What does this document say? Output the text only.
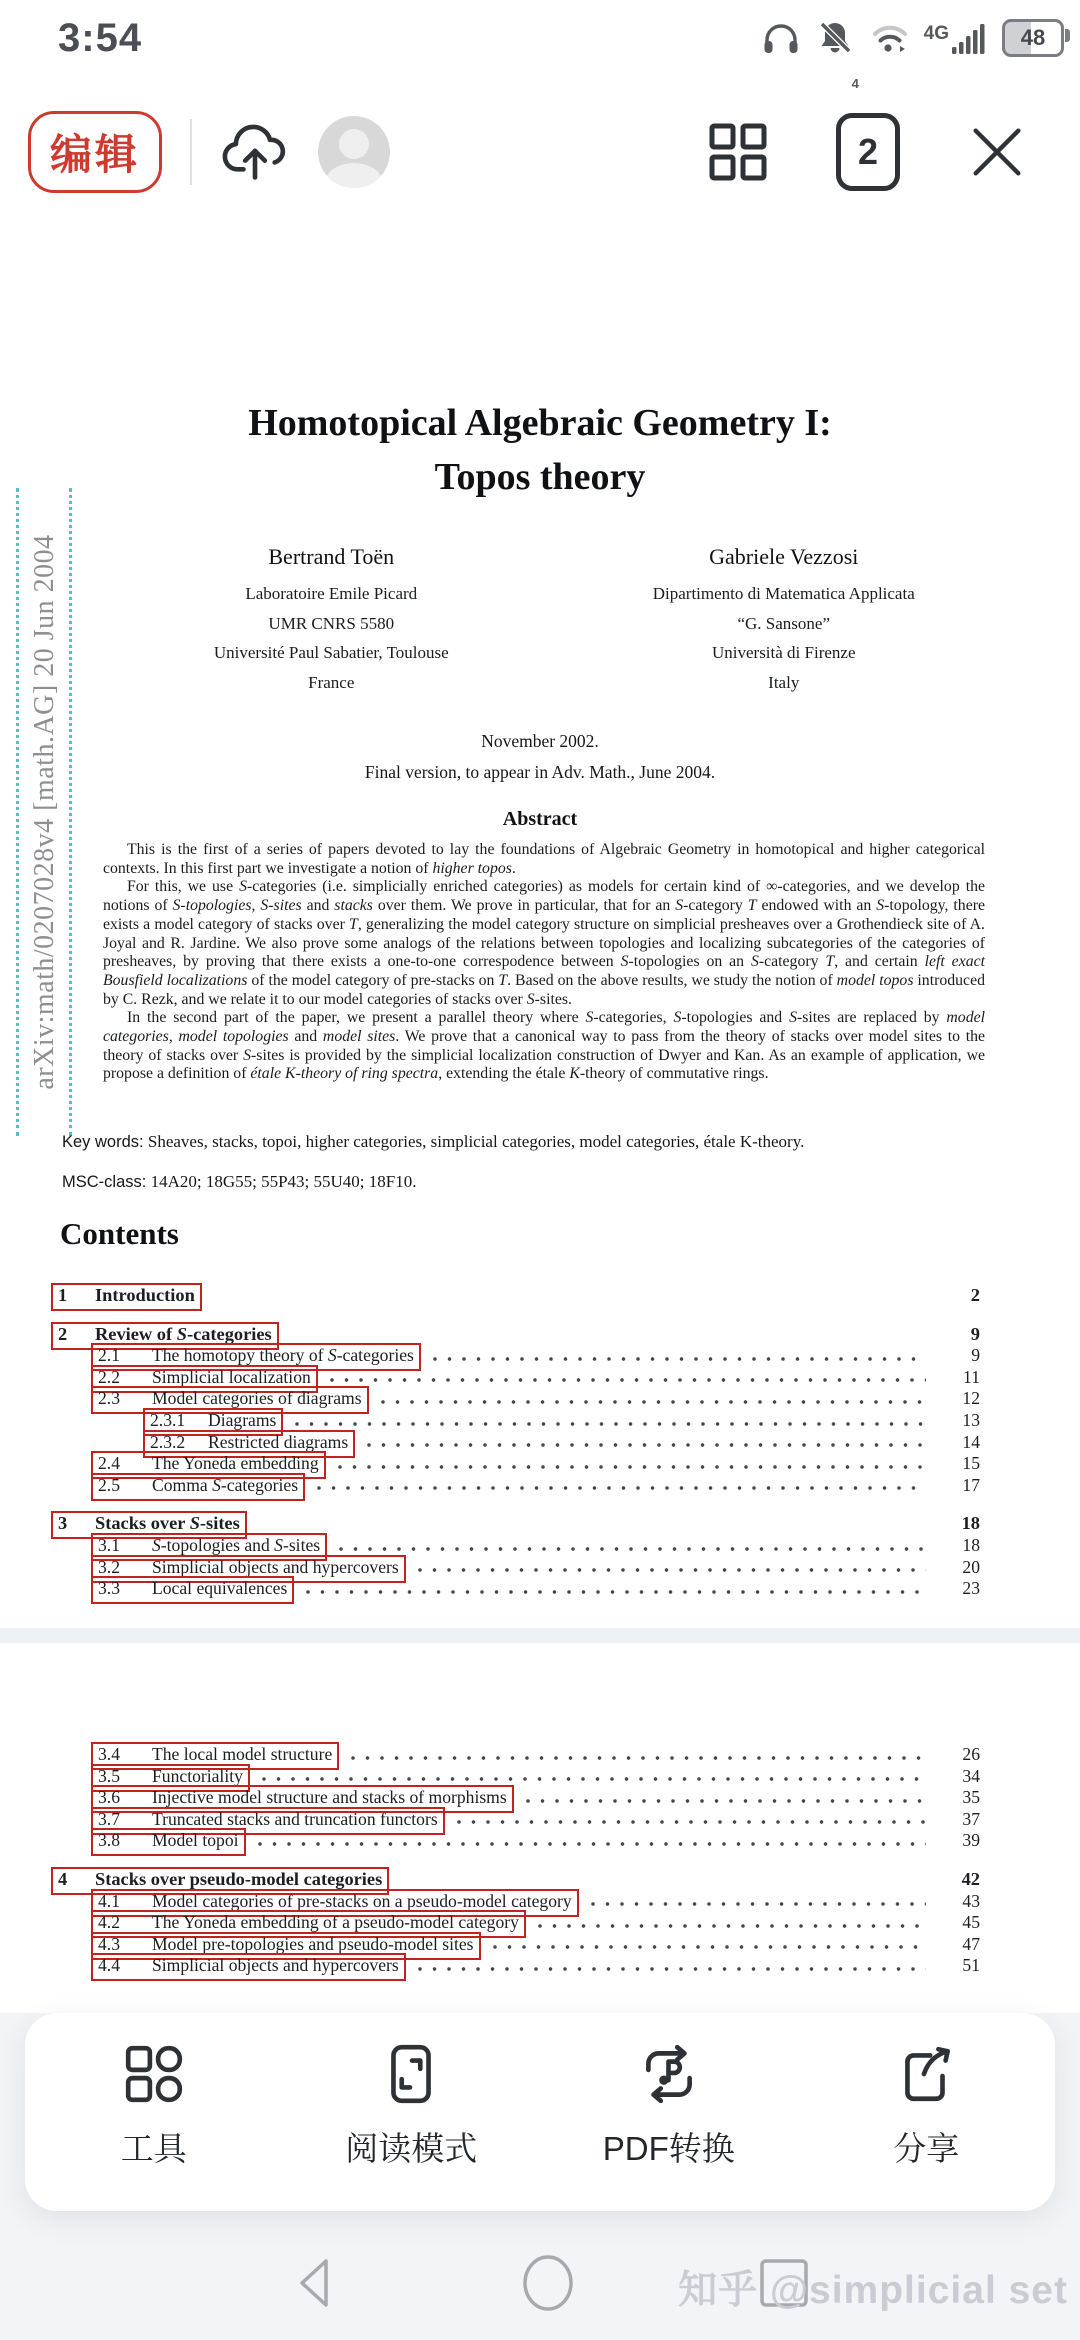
3:54
4
4G	48
编辑	2
arXiv:math/0207028v4 [math.AG] 20 Jun 2004
Homotopical Algebraic Geometry I:
Topos theory
Bertrand Toën
Laboratoire Emile Picard
UMR CNRS 5580
Université Paul Sabatier, Toulouse
France
Gabriele Vezzosi
Dipartimento di Matematica Applicata
“G. Sansone”
Università di Firenze
Italy
November 2002.
Final version, to appear in Adv. Math., June 2004.
Abstract

This is the first of a series of papers devoted to lay the foundations of Algebraic Geometry in homotopical and higher categorical contexts. In this first part we investigate a notion of higher topos.

For this, we use S-categories (i.e. simplicially enriched categories) as models for certain kind of ∞-categories, and we develop the notions of S-topologies, S-sites and stacks over them. We prove in particular, that for an S-category T endowed with an S-topology, there exists a model category of stacks over T, generalizing the model category structure on simplicial presheaves over a Grothendieck site of A. Joyal and R. Jardine. We also prove some analogs of the relations between topologies and localizing subcategories of the categories of presheaves, by proving that there exists a one-to-one correspodence between S-topologies on an S-category T, and certain left exact Bousfield localizations of the model category of pre-stacks on T. Based on the above results, we study the notion of model topos introduced by C. Rezk, and we relate it to our model categories of stacks over S-sites.

In the second part of the paper, we present a parallel theory where S-categories, S-topologies and S-sites are replaced by model categories, model topologies and model sites. We prove that a canonical way to pass from the theory of stacks over model sites to the theory of stacks over S-sites is provided by the simplicial localization construction of Dwyer and Kan. As an example of application, we propose a definition of étale K-theory of ring spectra, extending the étale K-theory of commutative rings.

Key words: Sheaves, stacks, topoi, higher categories, simplicial categories, model categories, étale K-theory.
MSC-class: 14A20; 18G55; 55P43; 55U40; 18F10.
Contents
1	Introduction	2
2	Review of S-categories	9
2.1	The homotopy theory of S-categories	9
2.2	Simplicial localization	11
2.3	Model categories of diagrams	12
2.3.1	Diagrams	13
2.3.2	Restricted diagrams	14
2.4	The Yoneda embedding	15
2.5	Comma S-categories	17
3	Stacks over S-sites	18
3.1	S-topologies and S-sites	18
3.2	Simplicial objects and hypercovers	20
3.3	Local equivalences	23
3.4	The local model structure	26
3.5	Functoriality	34
3.6	Injective model structure and stacks of morphisms	35
3.7	Truncated stacks and truncation functors	37
3.8	Model topoi	39
4	Stacks over pseudo-model categories	42
4.1	Model categories of pre-stacks on a pseudo-model category	43
4.2	The Yoneda embedding of a pseudo-model category	45
4.3	Model pre-topologies and pseudo-model sites	47
4.4	Simplicial objects and hypercovers	51
工具	阅读模式	PDF转换	分享
知乎 @simplicial set
